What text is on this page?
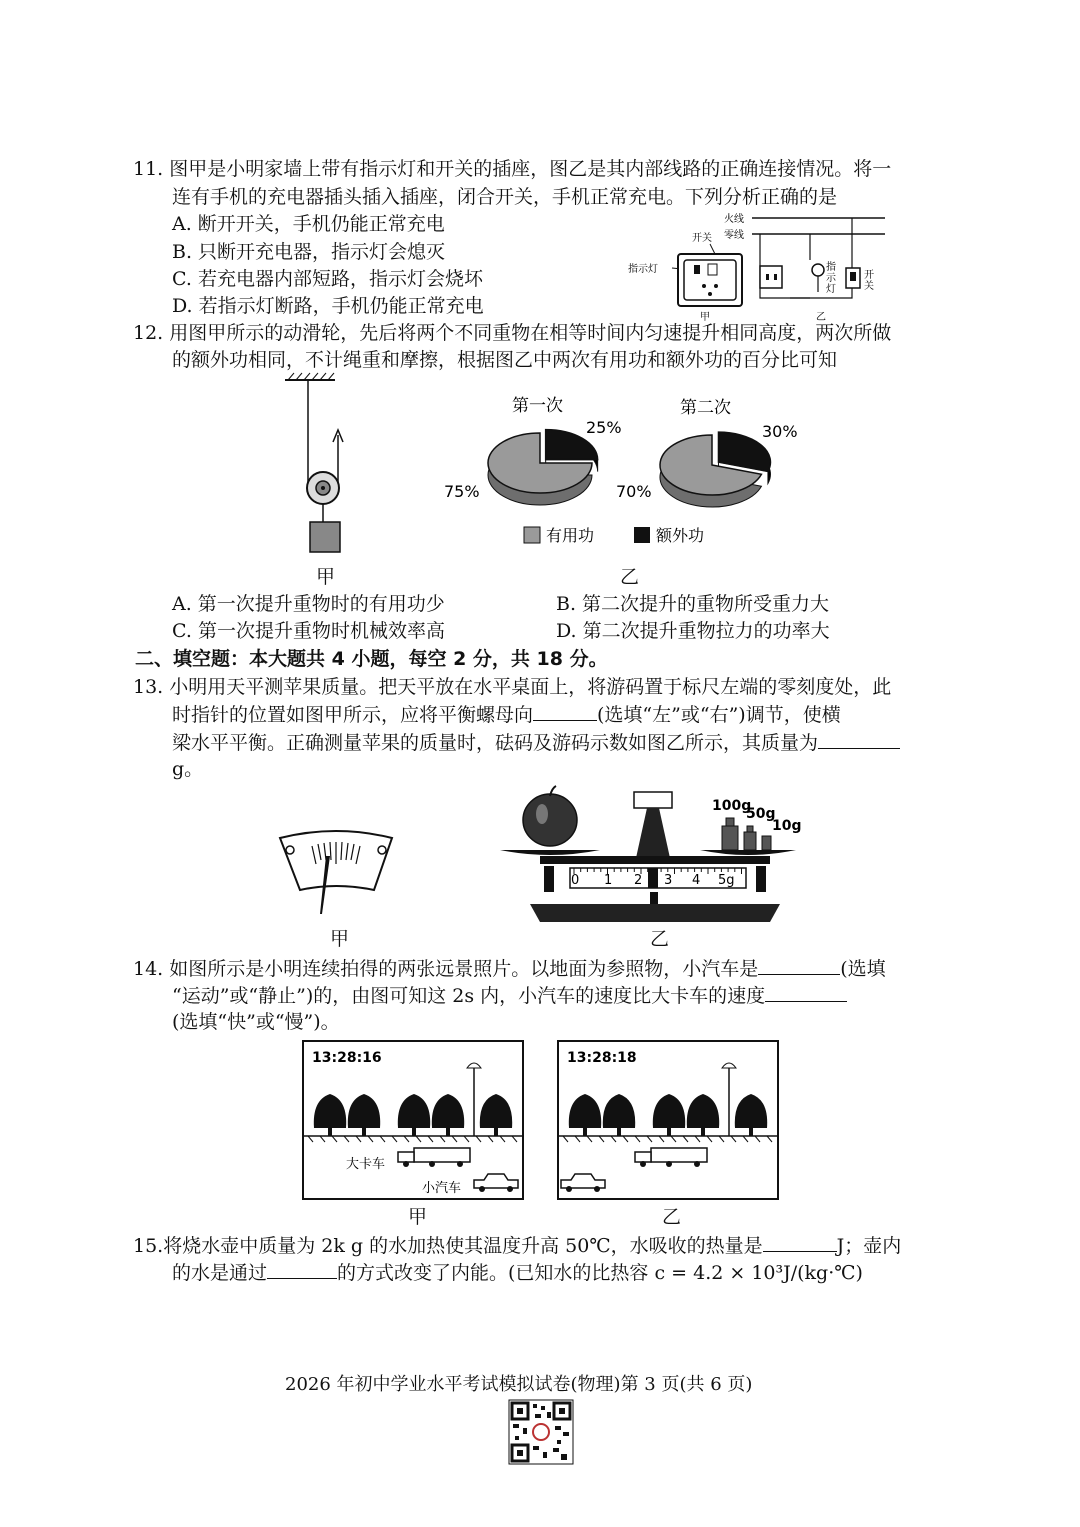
11. 图甲是小明家墙上带有指示灯和开关的插座，图乙是其内部线路的正确连接情况。将一
连有手机的充电器插头插入插座，闭合开关，手机正常充电。下列分析正确的是
A. 断开开关，手机仍能正常充电
B. 只断开充电器，指示灯会熄灭
C. 若充电器内部短路，指示灯会烧坏
D. 若指示灯断路，手机仍能正常充电
指示灯
开关
甲
火线
零线
指
示
灯
开
关
乙
12. 用图甲所示的动滑轮，先后将两个不同重物在相等时间内匀速提升相同高度，两次所做
的额外功相同，不计绳重和摩擦，根据图乙中两次有用功和额外功的百分比可知
甲
第一次	第二次
75%
25%
70%
30%
有用功	额外功
乙
A. 第一次提升重物时的有用功少	B. 第二次提升的重物所受重力大
C. 第一次提升重物时机械效率高	D. 第二次提升重物拉力的功率大
二、填空题：本大题共 4 小题，每空 2 分，共 18 分。
13. 小明用天平测苹果质量。把天平放在水平桌面上，将游码置于标尺左端的零刻度处，此
时指针的位置如图甲所示，应将平衡螺母向	(选填“左”或“右”)调节，使横
梁水平平衡。正确测量苹果的质量时，砝码及游码示数如图乙所示，其质量为
g。
甲
100g
50g
10g
0 1 2 3 4 5g
乙
14. 如图所示是小明连续拍得的两张远景照片。以地面为参照物，小汽车是	(选填
“运动”或“静止”)的，由图可知这 2s 内，小汽车的速度比大卡车的速度
(选填“快”或“慢”)。
13:28:16
大卡车
小汽车
甲
13:28:18
乙
15.将烧水壶中质量为 2k g 的水加热使其温度升高 50℃，水吸收的热量是	J；壶内
的水是通过	的方式改变了内能。(已知水的比热容 c = 4.2 × 10³J/(kg·℃)
2026 年初中学业水平考试模拟试卷(物理)第 3 页(共 6 页)
